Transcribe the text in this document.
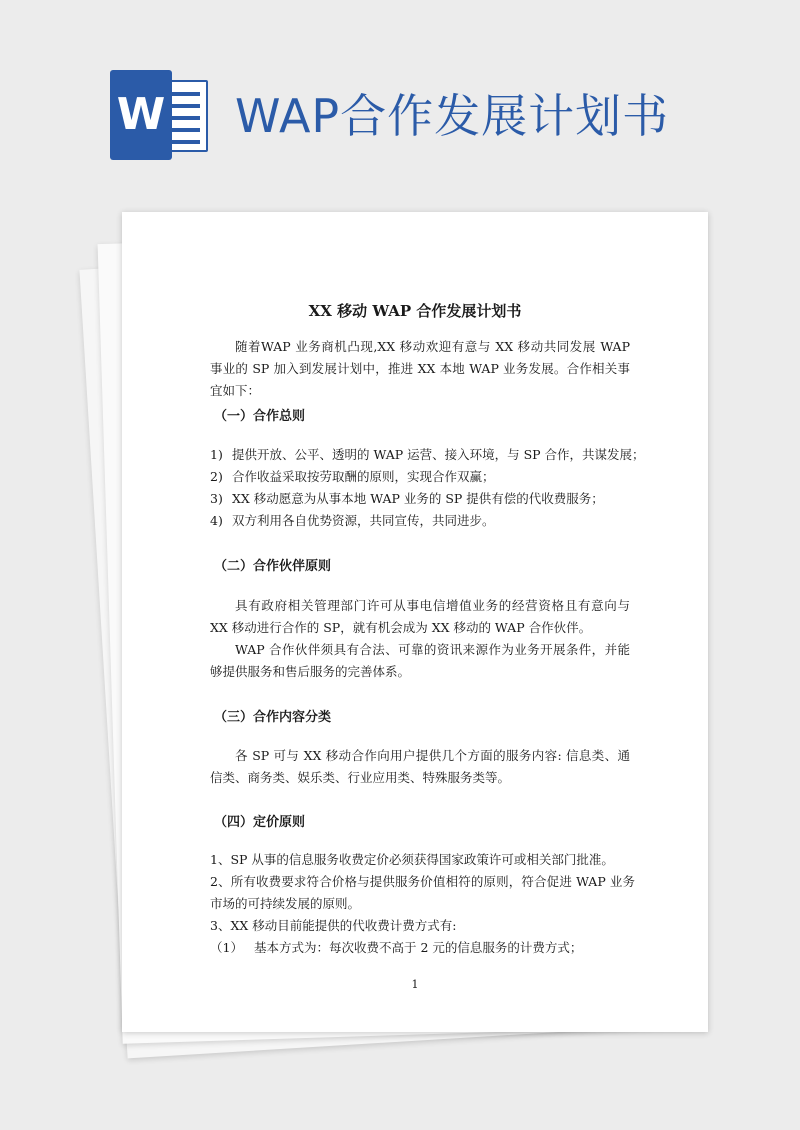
W WAP合作发展计划书
XX 移动 WAP 合作发展计划书
随着WAP 业务商机凸现,XX 移动欢迎有意与 XX 移动共同发展 WAP 事业的 SP 加入到发展计划中，推进 XX 本地 WAP 业务发展。合作相关事宜如下：
（一）合作总则
1) 提供开放、公平、透明的 WAP 运营、接入环境，与 SP 合作，共谋发展；
2) 合作收益采取按劳取酬的原则，实现合作双赢；
3) XX 移动愿意为从事本地 WAP 业务的 SP 提供有偿的代收费服务；
4) 双方利用各自优势资源，共同宣传，共同进步。
（二）合作伙伴原则
具有政府相关管理部门许可从事电信增值业务的经营资格且有意向与 XX 移动进行合作的 SP，就有机会成为 XX 移动的 WAP 合作伙伴。
WAP 合作伙伴须具有合法、可靠的资讯来源作为业务开展条件，并能够提供服务和售后服务的完善体系。
（三）合作内容分类
各 SP 可与 XX 移动合作向用户提供几个方面的服务内容: 信息类、通信类、商务类、娱乐类、行业应用类、特殊服务类等。
（四）定价原则
1、SP 从事的信息服务收费定价必须获得国家政策许可或相关部门批准。
2、所有收费要求符合价格与提供服务价值相符的原则，符合促进 WAP 业务市场的可持续发展的原则。
3、XX 移动目前能提供的代收费计费方式有:
（1） 基本方式为：每次收费不高于 2 元的信息服务的计费方式；
1
